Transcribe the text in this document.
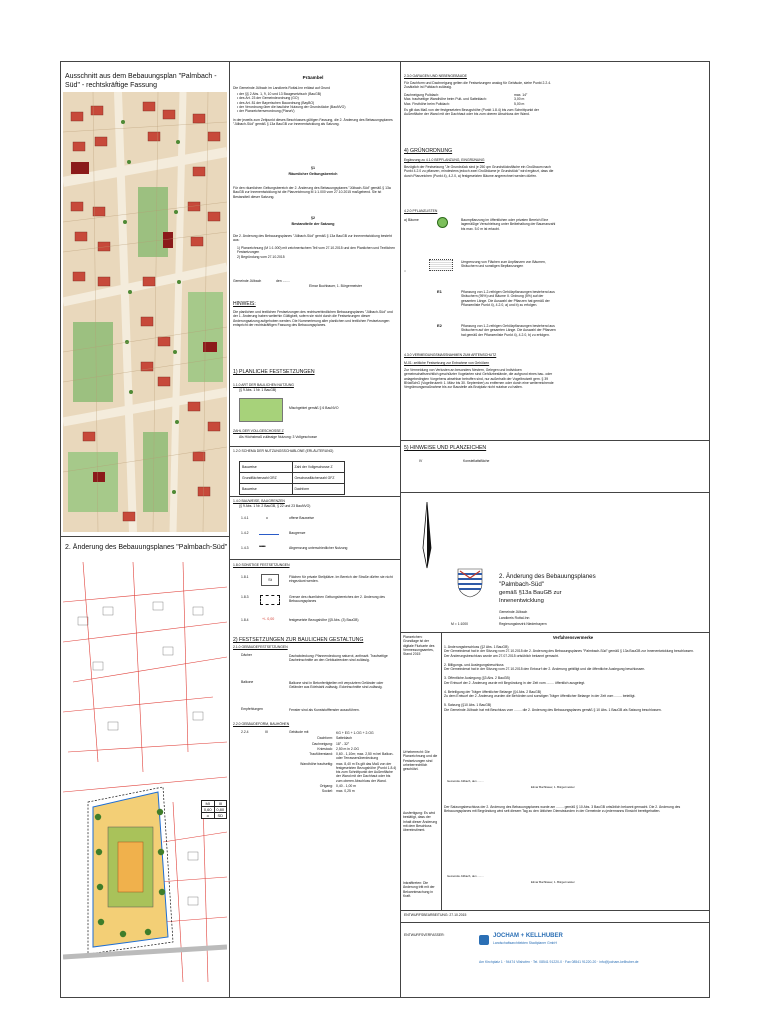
Ausschnitt aus dem Bebauungsplan "Palmbach - Süd" - rechtskräftige Fassung
2. Änderung des Bebauungsplanes "Palmbach-Süd"
MI	III
0,60	0,80
o	SD
Präambel
Die Gemeinde Jülbach im Landkreis Rottal-Inn erlässt auf Grund
• der §§ 2 Abs. 1, 9, 10 und 13 Baugesetzbuch (BauGB)
• des Art. 23 der Gemeindeordnung (GO)
• des Art. 81 der Bayerischen Bauordnung (BayBO)
• der Verordnung über die bauliche Nutzung der Grundstücke (BauNVO)
• der Planzeichenverordnung (PlanzV)
in der jeweils zum Zeitpunkt dieses Beschlusses gültigen Fassung, die 2. Änderung des Bebauungsplanes "Jülbach-Süd" gemäß § 13a BauGB zur Innenentwicklung als Satzung.
§1
Räumlicher Geltungsbereich
Für den räumlichen Geltungsbereich der 2. Änderung des Bebauungsplanes "Jülbach-Süd" gemäß § 13a BauGB zur Innenentwicklung ist die Planzeichnung M 1:1.000 vom 27.10.2015 maßgebend. Sie ist Bestandteil dieser Satzung.
§2
Bestandteile der Satzung
Die 2. Änderung des Bebauungsplanes "Jülbach-Süd" gemäß § 13a BauGB zur Innenentwicklung besteht aus:
1) Planzeichnung (M 1:1.000) mit zeichnerischem Teil vom 27.10.2015 und den Planlichen und Textlichen Festsetzungen
2) Begründung vom 27.10.2015
Gemeinde Jülbach	den ........
Elmar Buchbauer, 1. Bürgermeister
HINWEIS:
Die planlichen und textlichen Festsetzungen des rechtsverbindlichen Bebauungsplanes "Jülbach-Süd" und der 1. Änderung haben weiterhin Gültigkeit, sofern sie nicht durch die Festsetzungen dieser Änderungsatzung aufgehoben werden. Die Nummerierung aller planlichen und textlichen Festsetzungen entspricht der rechtskräftigen Fassung des Bebauungsplanes.
1) PLANLICHE FESTSETZUNGEN
1.1.0 ART DER BAULICHEN NUTZUNG
(§ 9 Abs. 1 Nr. 1 BauGB)
Mischgebiet gemäß § 6 BauNVO
ZAHL DER VOLLGESCHOSSE Z
Als Höchstmaß zulässige Nutzung: 3 Vollgeschosse
1.2.0 SCHEMA DER NUTZUNGSSCHABLONE (ERLÄUTERUNG)
Bauweise	Zahl der Vollgeschosse Z
Grundflächenzahl GRZ	Geschossflächenzahl GFZ
Bauweise	Dachform
1.4.0 BAUWEISE, BAUGRENZEN
(§ 9 Abs. 1 Nr. 2 BauGB, § 22 und 23 BauNVO)
1.4.1	o	offene Bauweise
1.4.2	Baugrenze
1.4.3 •••••	Abgrenzung unterschiedlicher Nutzung
1.8.0 SONSTIGE FESTSETZUNGEN
1.8.1	St	Flächen für private Stellplätze. Im Bereich der Straße dürfen sie nicht eingezäunt werden.
1.8.3	Grenze des räumlichen Geltungsbereiches der 2. Änderung des Bebauungsplanes
1.8.4	+/- 0,00	festgesetzte Bezugshöhe (§5 Abs. (3) BauGB)
2) FESTSETZUNGEN ZUR BAULICHEN GESTALTUNG
2.1.0 GEBÄUDEFESTSETZUNGEN
Dächer	Dachabdeckung: Pfannendeckung naturrot, anthrazit. Traufseitige Dacheinschnitte an den Gebäudeecken sind zulässig.
Balkone	Balkone sind in Betonfertigteilen mit verputztem Geländer oder Geländer aus Edelstahl zulässig. Eckeinschnitte sind zulässig.
Empfehlungen	Fenster sind als Kunststofffenster auszuführen.
2.2.0 GEBÄUDEFORM, BAUHÖHEN
2.2.4	III	Gebäude mit	KG + EG + 1.OG + 2.OG
Dachform: Satteldach
Dachneigung: 18° - 32°
Kniestock: 2,50 m in 2.OG
Traufüberstand: 0,60 - 1,10m; max. 2,50 m bei Balkon- oder Terrassenüberdeckung
Wandhöhe traufseitig: max. 8,40 m Es gilt das Maß von der festgesetzten Bezugshöhe (Punkt 1.8.4) bis zum Schnittpunkt der Außenfläche der Wand mit der Dachhaut oder bis zum oberen Abschluss der Wand.
Ortgang: 0,40 - 1,00 m
Sockel: max. 0,25 m
2.3.0 GARAGEN UND NEBENGEBÄUDE
Für Dachform und Dachneigung gelten die Festsetzungen analog für Gebäude, siehe Punkt 2.2.4. Zusätzlich ist Pultdach zulässig.
Dachneigung Pultdach:	max. 14°
Max. traufseitige Wandhöhe beim Pult- und Satteldach:	3,00 m
Max. Firsthöhe beim Pultdach:	5,00 m
Es gilt das Maß von der festgesetzten Bezugshöhe (Punkt 1.8.4) bis zum Schnittpunkt der Außenfläche der Wand mit der Dachhaut oder bis zum oberen Abschluss der Wand.
4) GRÜNORDNUNG
Ergänzung zu 4.1.0 BEPFLANZUNG, EINGRÜNUNG
Bezüglich der Festsetzung "Je Grundstück sind je 250 qm Grundstücksfläche ein Großbaum nach Punkt 4.2.0 zu pflanzen, mindestens jedoch zwei Großbäume je Grundstück" wird ergänzt, dass die durch Planzeichen (Punkt 4), 4.2.0, a) festgesetzten Bäume angerechnet werden dürfen.
4.2.0 PFLANZLISTEN
a) Bäume	Baumpflanzung im öffentlichen oder privaten Bereich Eine lagemäßige Verschiebung unter Beibehaltung der Baumanzahl bis max. 5.0 m ist erlaubt.
○
Umgrenzung von Flächen zum Anpflanzen von Bäumen, Sträuchern und sonstigen Bepflanzungen
E1	Pflanzung von 1-2-reihigen Gehölzpflanzungen bestehend aus Sträuchern (95%) und Bäume II. Ordnung (5%) auf der gesamten Länge. Die Auswahl der Pflanzen hat gemäß der Pflanzenliste Punkt 4), 4.2.0, a) und b) zu erfolgen.
E2	Pflanzung von 1-2-reihigen Gehölzpflanzungen bestehend aus Sträuchern auf der gesamten Länge. Die Auswahl der Pflanzen hat gemäß der Pflanzenliste Punkt 4), 4.2.0, b) zu erfolgen.
4.3.0 VERMEIDUNGSMASSNAHMEN ZUM ARTENSCHUTZ
M-01: zeitliche Festsetzung zur Entnahme von Gehölzen
Zur Vermeidung von Verlusten an besonders Nestern, Gelegen und Individuen gemeinschaftsrechtlich geschützter Vogelarten sind Gehölzbestände, die aufgrund eines bau- oder anlagebedingten Vorgehens absehbar betroffen sind, nur außerhalb der Vogelbrutzeit gem. § 39 BNatSchG (Vogelbrutzeit: 1. März bis 30. September) zu entfernen oder durch eine weiterreichende Vergrämungsmaßnahme bis zur Baustelle als Brutplatz nicht nutzbar zu halten.
5) HINWEISE UND PLANZEICHEN
IV	Konstellatisfläche
2. Änderung des Bebauungsplanes
"Palmbach-Süd"
gemäß §13a BauGB zur
Innenentwicklung
Gemeinde Jülbach
Landkreis Rottal-Inn
Regierungsbezirk Niederbayern
M = 1:1000
Planzeichen: Grundlage ist der digitale Flurkarte des Vermessungsamtes, Stand 2015
Urheberrecht: Die Planzeichnung und die Festsetzungen sind urheberrechtlich geschützt.
Ausfertigung: Es wird bestätigt, dass der Inhalt dieser Änderung mit dem Beschluss übereinstimmt.
Inkrafttreten: Die Änderung tritt mit der Bekanntmachung in Kraft.
Verfahrensvermerke
1. Änderungsbeschluss (§2 Abs. 1 BauGB)
Der Gemeinderat hat in der Sitzung vom 27.10.2015 die 2. Änderung des Bebauungsplanes "Palmbach-Süd" gemäß § 13a BauGB zur Innenentwicklung beschlossen.
Der Änderungsbeschluss wurde am 27.07.2015 ortsüblich bekannt gemacht.
2. Billigungs- und Auslegungsbeschluss
Der Gemeinderat hat in der Sitzung vom 27.10.2015 den Entwurf der 2. Änderung gebilligt und die öffentliche Auslegung beschlossen.
3. Öffentliche Auslegung (§3 Abs. 2 BauGB)
Der Entwurf der 2. Änderung wurde mit Begründung in der Zeit vom ........ öffentlich ausgelegt.
4. Beteiligung der Träger öffentlicher Belange (§4 Abs. 2 BauGB)
Zu dem Entwurf der 2. Änderung wurden die Behörden und sonstigen Träger öffentlicher Belange in der Zeit vom ........ beteiligt.
5. Satzung (§10 Abs. 1 BauGB)
Die Gemeinde Jülbach hat mit Beschluss vom ........ die 2. Änderung des Bebauungsplanes gemäß § 10 Abs. 1 BauGB als Satzung beschlossen.
Gemeinde Jülbach, den ........
Elmar Buchbauer, 1. Bürgermeister
Der Satzungsbeschluss der 2. Änderung des Bebauungsplanes wurde am ........ gemäß § 10 Abs. 3 BauGB ortsüblich bekannt gemacht. Die 2. Änderung des Bebauungsplanes mit Begründung wird seit diesem Tag zu den üblichen Dienststunden in der Gemeinde zu jedermanns Einsicht bereitgehalten.
Gemeinde Jülbach, den ........
Elmar Buchbauer, 1. Bürgermeister
ENTWURFSBEARBEITUNG: 27.10.2015
ENTWURFSVERFASSER:	JOCHAM + KELLHUBER
Landschaftsarchitekten Stadtplaner GmbH
Am Kirchplatz 1 · 94474 Vilshofen · Tel. 08541 91220-0 · Fax 08541 91220-20 · info@jocham-kellhuber.de
